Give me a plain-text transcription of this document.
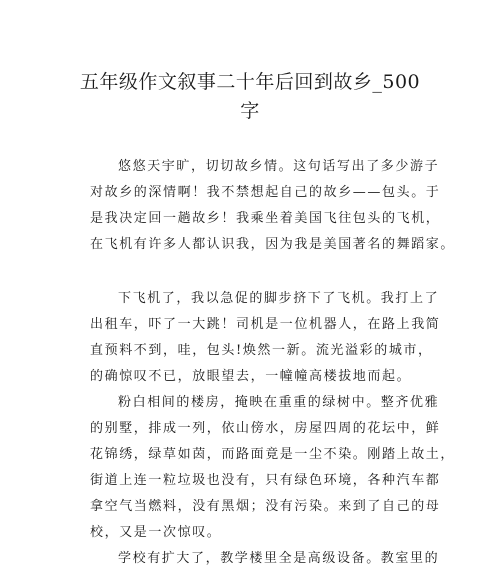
五年级作文叙事二十年后回到故乡_500
字
悠悠天宇旷，切切故乡情。这句话写出了多少游子
对故乡的深情啊！我不禁想起自己的故乡——包头。于
是我决定回一趟故乡！我乘坐着美国飞往包头的飞机，
在飞机有许多人都认识我，因为我是美国著名的舞蹈家。
下飞机了，我以急促的脚步挤下了飞机。我打上了
出租车，吓了一大跳！司机是一位机器人，在路上我简
直预料不到，哇，包头!焕然一新。流光溢彩的城市，
的确惊叹不已，放眼望去，一幢幢高楼拔地而起。
粉白相间的楼房，掩映在重重的绿树中。整齐优雅
的别墅，排成一列，依山傍水，房屋四周的花坛中，鲜
花锦绣，绿草如茵，而路面竟是一尘不染。刚踏上故土，
街道上连一粒垃圾也没有，只有绿色环境，各种汽车都
拿空气当燃料，没有黑烟；没有污染。来到了自己的母
校，又是一次惊叹。
学校有扩大了，教学楼里全是高级设备。教室里的
